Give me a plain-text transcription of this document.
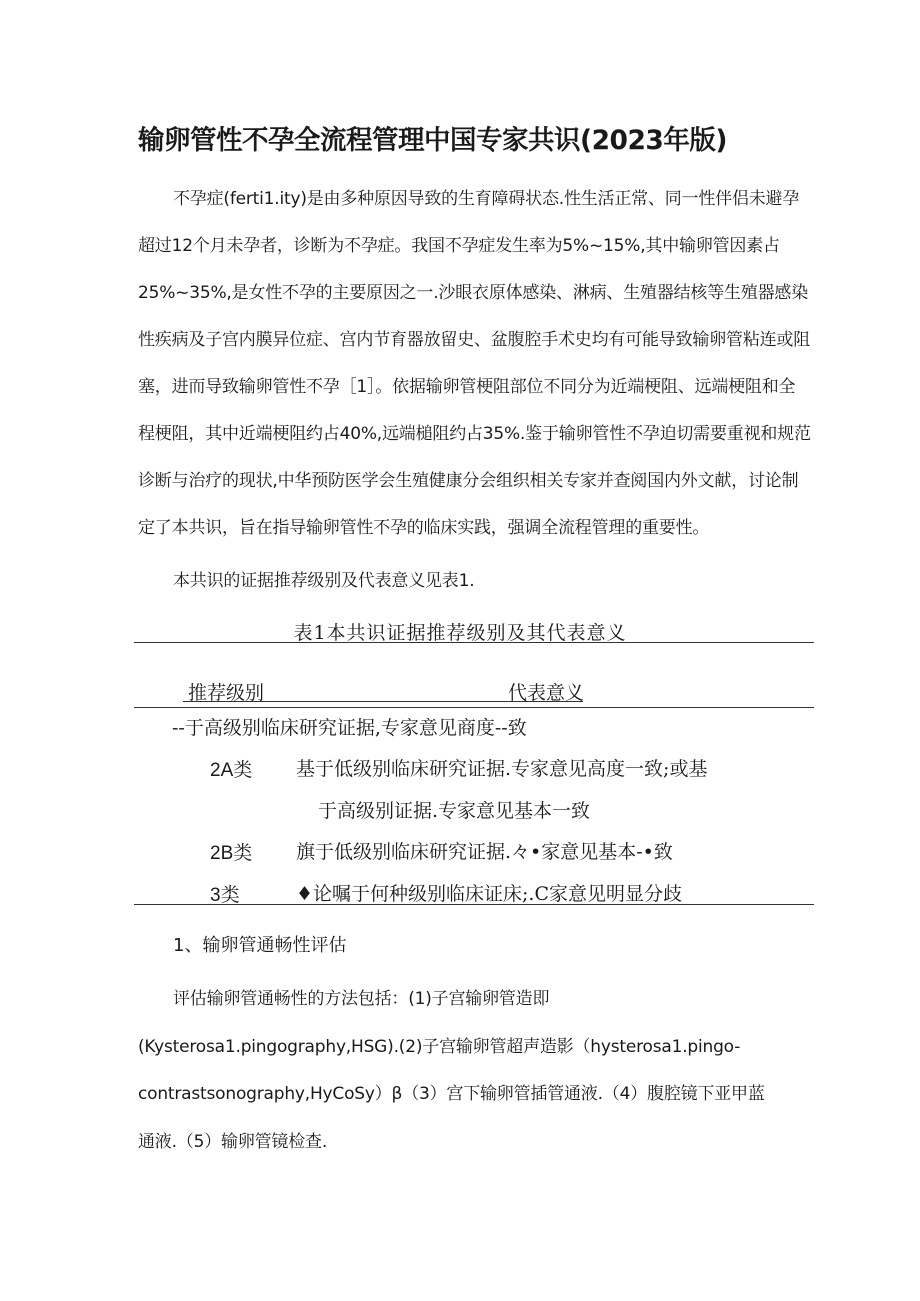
输卵管性不孕全流程管理中国专家共识(2023年版)
不孕症(ferti1.ity)是由多种原因导致的生育障碍状态.性生活正常、同一性伴侣未避孕
超过12个月未孕者，诊断为不孕症。我国不孕症发生率为5%~15%,其中输卵管因素占
25%~35%,是女性不孕的主要原因之一.沙眼衣原体感染、淋病、生殖器结核等生殖器感染
性疾病及子宫内膜异位症、宫内节育器放留史、盆腹腔手术史均有可能导致输卵管粘连或阻
塞，进而导致输卵管性不孕［1］。依据输卵管梗阻部位不同分为近端梗阻、远端梗阻和全
程梗阻，其中近端梗阻约占40%,远端槌阻约占35%.鉴于输卵管性不孕迫切需要重视和规范
诊断与治疗的现状,中华预防医学会生殖健康分会组织相关专家并查阅国内外文献，讨论制
定了本共识，旨在指导输卵管性不孕的临床实践，强调全流程管理的重要性。
本共识的证据推荐级别及代表意义见表1.
表1本共识证据推荐级别及其代表意义
推荐级别	代表意义
--于高级别临床研究证据,专家意见商度--致
2A类 基于低级别临床研究证据.专家意见高度一致;或基
于高级别证据.专家意见基本一致
2B类 旗于低级别临床研究证据.々•家意见基本-•致
3类	♦论嘱于何种级别临床证床;.C家意见明显分歧
1、输卵管通畅性评估
评估输卵管通畅性的方法包括：(1)子宫输卵管造即
(Kysterosa1.pingography,HSG).(2)子宫输卵管超声造影（hysterosa1.pingo-
contrastsonography,HyCoSy）β（3）宫下输卵管插管通液.（4）腹腔镜下亚甲蓝
通液.（5）输卵管镜检查.
